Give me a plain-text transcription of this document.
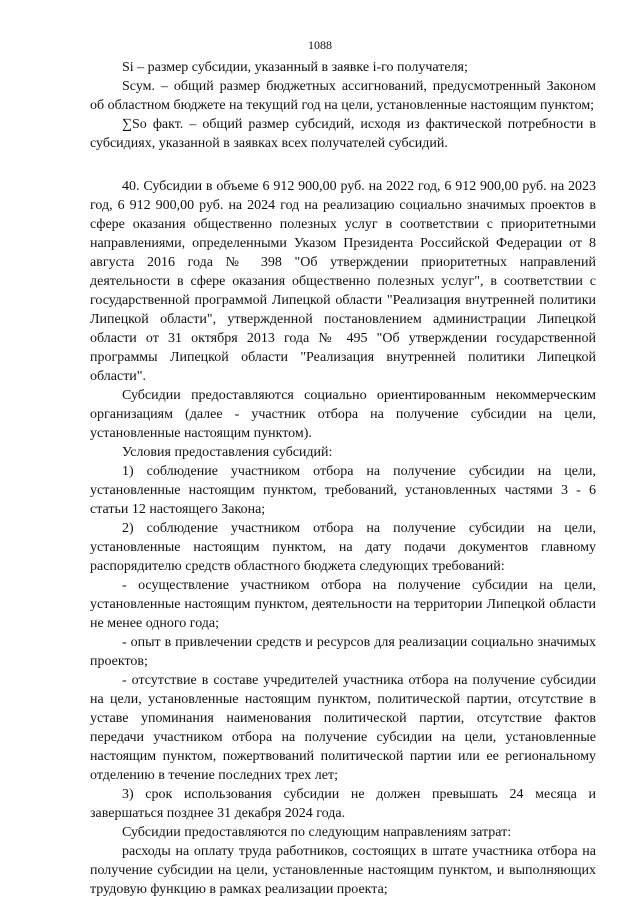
1088

Si – размер субсидии, указанный в заявке i-го получателя;

Sсум. – общий размер бюджетных ассигнований, предусмотренный Законом об областном бюджете на текущий год на цели, установленные настоящим пунктом;

∑So факт. – общий размер субсидий, исходя из фактической потребности в субсидиях, указанной в заявках всех получателей субсидий.

40. Субсидии в объеме 6 912 900,00 руб. на 2022 год, 6 912 900,00 руб. на 2023 год, 6 912 900,00 руб. на 2024 год на реализацию социально значимых проектов в сфере оказания общественно полезных услуг в соответствии с приоритетными направлениями, определенными Указом Президента Российской Федерации от 8 августа 2016 года № 398 "Об утверждении приоритетных направлений деятельности в сфере оказания общественно полезных услуг", в соответствии с государственной программой Липецкой области "Реализация внутренней политики Липецкой области", утвержденной постановлением администрации Липецкой области от 31 октября 2013 года № 495 "Об утверждении государственной программы Липецкой области "Реализация внутренней политики Липецкой области".

Субсидии предоставляются социально ориентированным некоммерческим организациям (далее - участник отбора на получение субсидии на цели, установленные настоящим пунктом).

Условия предоставления субсидий:

1) соблюдение участником отбора на получение субсидии на цели, установленные настоящим пунктом, требований, установленных частями 3 - 6 статьи 12 настоящего Закона;

2) соблюдение участником отбора на получение субсидии на цели, установленные настоящим пунктом, на дату подачи документов главному распорядителю средств областного бюджета следующих требований:

- осуществление участником отбора на получение субсидии на цели, установленные настоящим пунктом, деятельности на территории Липецкой области не менее одного года;

- опыт в привлечении средств и ресурсов для реализации социально значимых проектов;

- отсутствие в составе учредителей участника отбора на получение субсидии на цели, установленные настоящим пунктом, политической партии, отсутствие в уставе упоминания наименования политической партии, отсутствие фактов передачи участником отбора на получение субсидии на цели, установленные настоящим пунктом, пожертвований политической партии или ее региональному отделению в течение последних трех лет;

3) срок использования субсидии не должен превышать 24 месяца и завершаться позднее 31 декабря 2024 года.

Субсидии предоставляются по следующим направлениям затрат:

расходы на оплату труда работников, состоящих в штате участника отбора на получение субсидии на цели, установленные настоящим пунктом, и выполняющих трудовую функцию в рамках реализации проекта;
